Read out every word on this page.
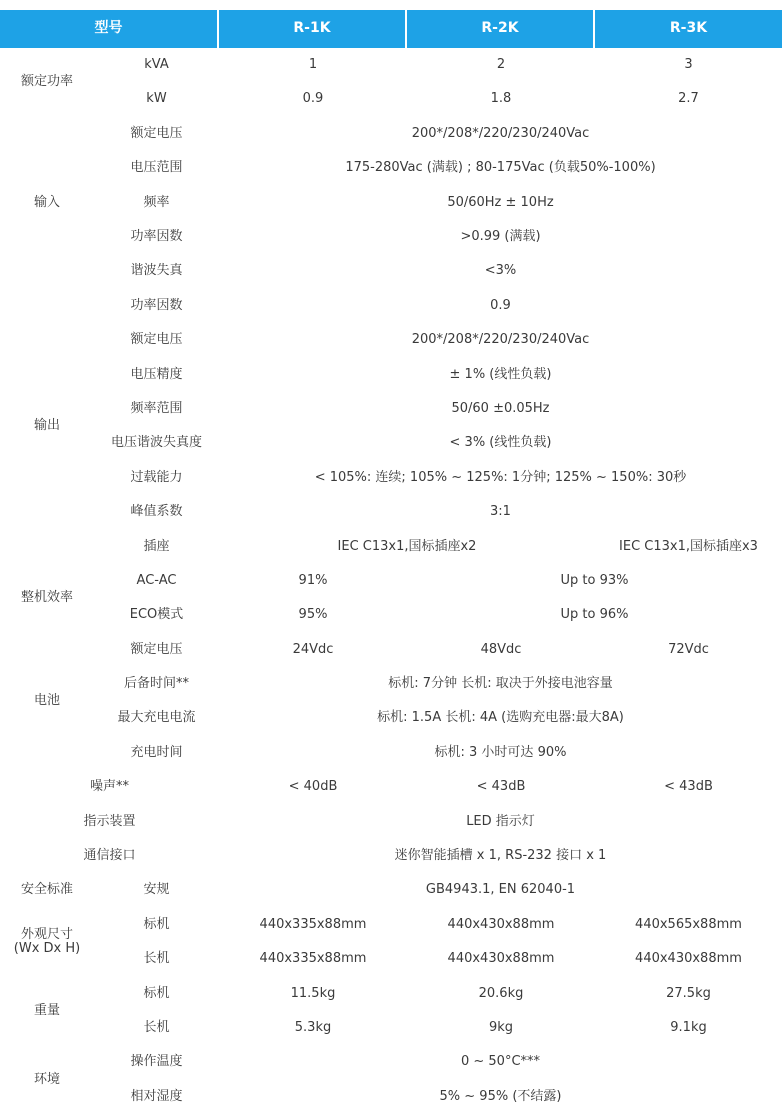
型号		R-1K	R-2K	R-3K
额定功率	kVA	1	2	3
	kW	0.9	1.8	2.7
输入	额定电压	200*/208*/220/230/240Vac		
	电压范围	175-280Vac (满载) ; 80-175Vac (负载50%-100%)		
	频率	50/60Hz ± 10Hz		
	功率因数	>0.99 (满载)		
	谐波失真	<3%		
输出	功率因数	0.9		
	额定电压	200*/208*/220/230/240Vac		
	电压精度	± 1% (线性负载)		
	频率范围	50/60 ±0.05Hz		
	电压谐波失真度	< 3% (线性负载)		
	过载能力	< 105%: 连续; 105% ~ 125%: 1分钟; 125% ~ 150%: 30秒		
	峰值系数	3:1		
	插座	IEC C13x1,国标插座x2		IEC C13x1,国标插座x3
整机效率	AC-AC	91%	Up to 93%	
	ECO模式	95%	Up to 96%	
电池	额定电压	24Vdc	48Vdc	72Vdc
	后备时间**	标机: 7分钟 长机: 取决于外接电池容量		
	最大充电电流	标机: 1.5A 长机: 4A (选购充电器:最大8A)		
	充电时间	标机: 3 小时可达 90%		
噪声**		< 40dB	< 43dB	< 43dB
指示装置		LED 指示灯		
通信接口		迷你智能插槽 x 1, RS-232 接口 x 1		
安全标准	安规	GB4943.1, EN 62040-1		
外观尺寸
(Wx Dx H)	标机	440x335x88mm	440x430x88mm	440x565x88mm
	长机	440x335x88mm	440x430x88mm	440x430x88mm
重量	标机	11.5kg	20.6kg	27.5kg
	长机	5.3kg	9kg	9.1kg
环境	操作温度	0 ~ 50°C***		
	相对湿度	5% ~ 95% (不结露)		
